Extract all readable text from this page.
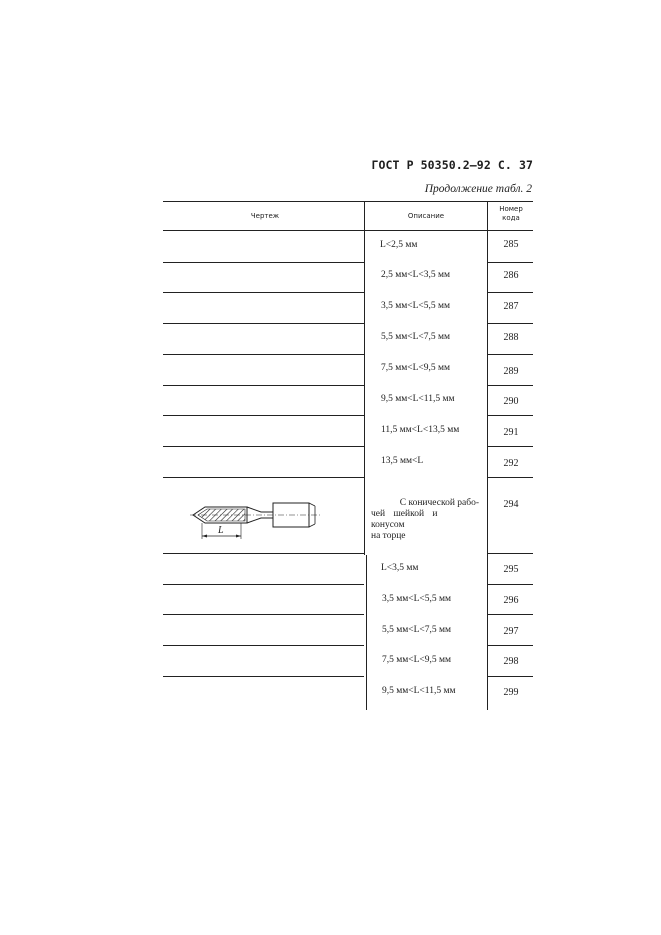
ГОСТ Р 50350.2—92 С. 37
Продолжение табл. 2
Чертеж	Описание
Номер кода
L<2,5 мм
2,5 мм<L<3,5 мм
3,5 мм<L<5,5 мм
5,5 мм<L<7,5 мм
7,5 мм<L<9,5 мм
9,5 мм<L<11,5 мм
11,5 мм<L<13,5 мм
13,5 мм<L
С конической рабо-
чей шейкой и конусом
на торце
L<3,5 мм
3,5 мм<L<5,5 мм
5,5 мм<L<7,5 мм
7,5 мм<L<9,5 мм
9,5 мм<L<11,5 мм
285
286
287
288
289
290
291
292
294
295
296
297
298
299
L
